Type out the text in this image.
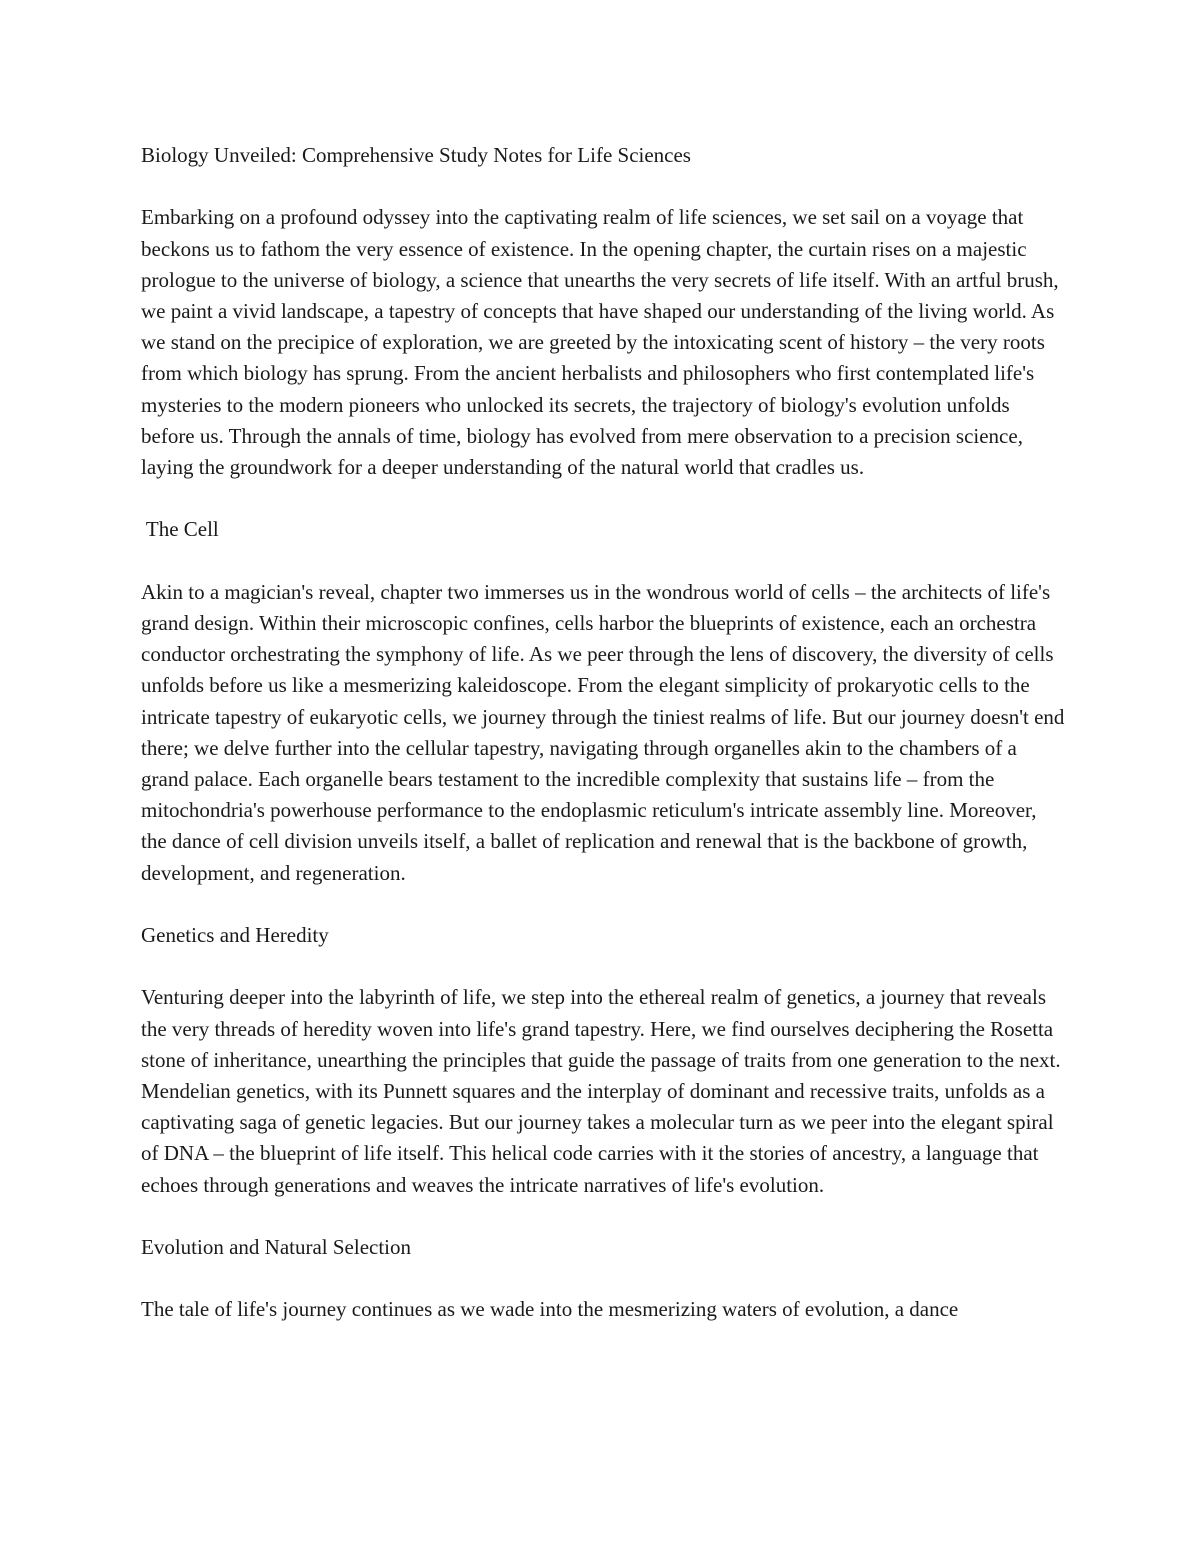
Biology Unveiled: Comprehensive Study Notes for Life Sciences

Embarking on a profound odyssey into the captivating realm of life sciences, we set sail on a voyage that beckons us to fathom the very essence of existence. In the opening chapter, the curtain rises on a majestic prologue to the universe of biology, a science that unearths the very secrets of life itself. With an artful brush, we paint a vivid landscape, a tapestry of concepts that have shaped our understanding of the living world. As we stand on the precipice of exploration, we are greeted by the intoxicating scent of history – the very roots from which biology has sprung. From the ancient herbalists and philosophers who first contemplated life's mysteries to the modern pioneers who unlocked its secrets, the trajectory of biology's evolution unfolds before us. Through the annals of time, biology has evolved from mere observation to a precision science, laying the groundwork for a deeper understanding of the natural world that cradles us.

The Cell

Akin to a magician's reveal, chapter two immerses us in the wondrous world of cells – the architects of life's grand design. Within their microscopic confines, cells harbor the blueprints of existence, each an orchestra conductor orchestrating the symphony of life. As we peer through the lens of discovery, the diversity of cells unfolds before us like a mesmerizing kaleidoscope. From the elegant simplicity of prokaryotic cells to the intricate tapestry of eukaryotic cells, we journey through the tiniest realms of life. But our journey doesn't end there; we delve further into the cellular tapestry, navigating through organelles akin to the chambers of a grand palace. Each organelle bears testament to the incredible complexity that sustains life – from the mitochondria's powerhouse performance to the endoplasmic reticulum's intricate assembly line. Moreover, the dance of cell division unveils itself, a ballet of replication and renewal that is the backbone of growth, development, and regeneration.

Genetics and Heredity

Venturing deeper into the labyrinth of life, we step into the ethereal realm of genetics, a journey that reveals the very threads of heredity woven into life's grand tapestry. Here, we find ourselves deciphering the Rosetta stone of inheritance, unearthing the principles that guide the passage of traits from one generation to the next. Mendelian genetics, with its Punnett squares and the interplay of dominant and recessive traits, unfolds as a captivating saga of genetic legacies. But our journey takes a molecular turn as we peer into the elegant spiral of DNA – the blueprint of life itself. This helical code carries with it the stories of ancestry, a language that echoes through generations and weaves the intricate narratives of life's evolution.

Evolution and Natural Selection

The tale of life's journey continues as we wade into the mesmerizing waters of evolution, a dance
